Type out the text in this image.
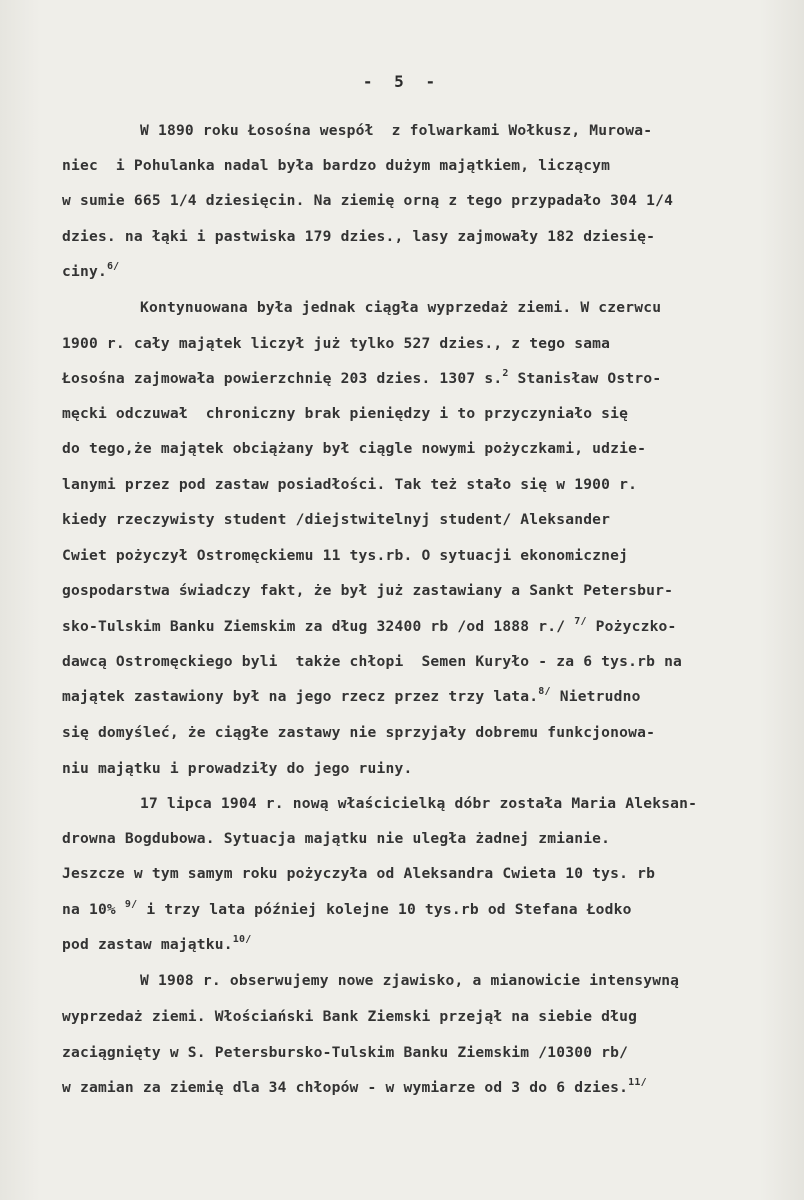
- 5 -
W 1890 roku Łosośna wespół  z folwarkami Wołkusz, Murowa-
niec  i Pohulanka nadal była bardzo dużym majątkiem, liczącym
w sumie 665 1/4 dziesięcin. Na ziemię orną z tego przypadało 304 1/4
dzies. na łąki i pastwiska 179 dzies., lasy zajmowały 182 dziesię-
ciny.$^{6/}$
Kontynuowana była jednak ciągła wyprzedaż ziemi. W czerwcu
1900 r. cały majątek liczył już tylko 527 dzies., z tego sama
Łosośna zajmowała powierzchnię 203 dzies. 1307 s.$^2$ Stanisław Ostro-
męcki odczuwał  chroniczny brak pieniędzy i to przyczyniało się
do tego,że majątek obciążany był ciągle nowymi pożyczkami, udzie-
lanymi przez pod zastaw posiadłości. Tak też stało się w 1900 r.
kiedy rzeczywisty student /diejstwitelnyj student/ Aleksander
Cwiet pożyczył Ostromęckiemu 11 tys.rb. O sytuacji ekonomicznej
gospodarstwa świadczy fakt, że był już zastawiany a Sankt Petersbur-
sko-Tulskim Banku Ziemskim za dług 32400 rb /od 1888 r./ $^{7/}$ Pożyczko-
dawcą Ostromęckiego byli  także chłopi  Semen Kuryło - za 6 tys.rb na
majątek zastawiony był na jego rzecz przez trzy lata.$^{8/}$ Nietrudno
się domyśleć, że ciągłe zastawy nie sprzyjały dobremu funkcjonowa-
niu majątku i prowadziły do jego ruiny.
17 lipca 1904 r. nową właścicielką dóbr została Maria Aleksan-
drowna Bogdubowa. Sytuacja majątku nie uległa żadnej zmianie.
Jeszcze w tym samym roku pożyczyła od Aleksandra Cwieta 10 tys. rb
na 10% $^{9/}$ i trzy lata później kolejne 10 tys.rb od Stefana Łodko
pod zastaw majątku.$^{10/}$
W 1908 r. obserwujemy nowe zjawisko, a mianowicie intensywną
wyprzedaż ziemi. Włościański Bank Ziemski przejął na siebie dług
zaciągnięty w S. Petersbursko-Tulskim Banku Ziemskim /10300 rb/
w zamian za ziemię dla 34 chłopów - w wymiarze od 3 do 6 dzies.$^{11/}$
